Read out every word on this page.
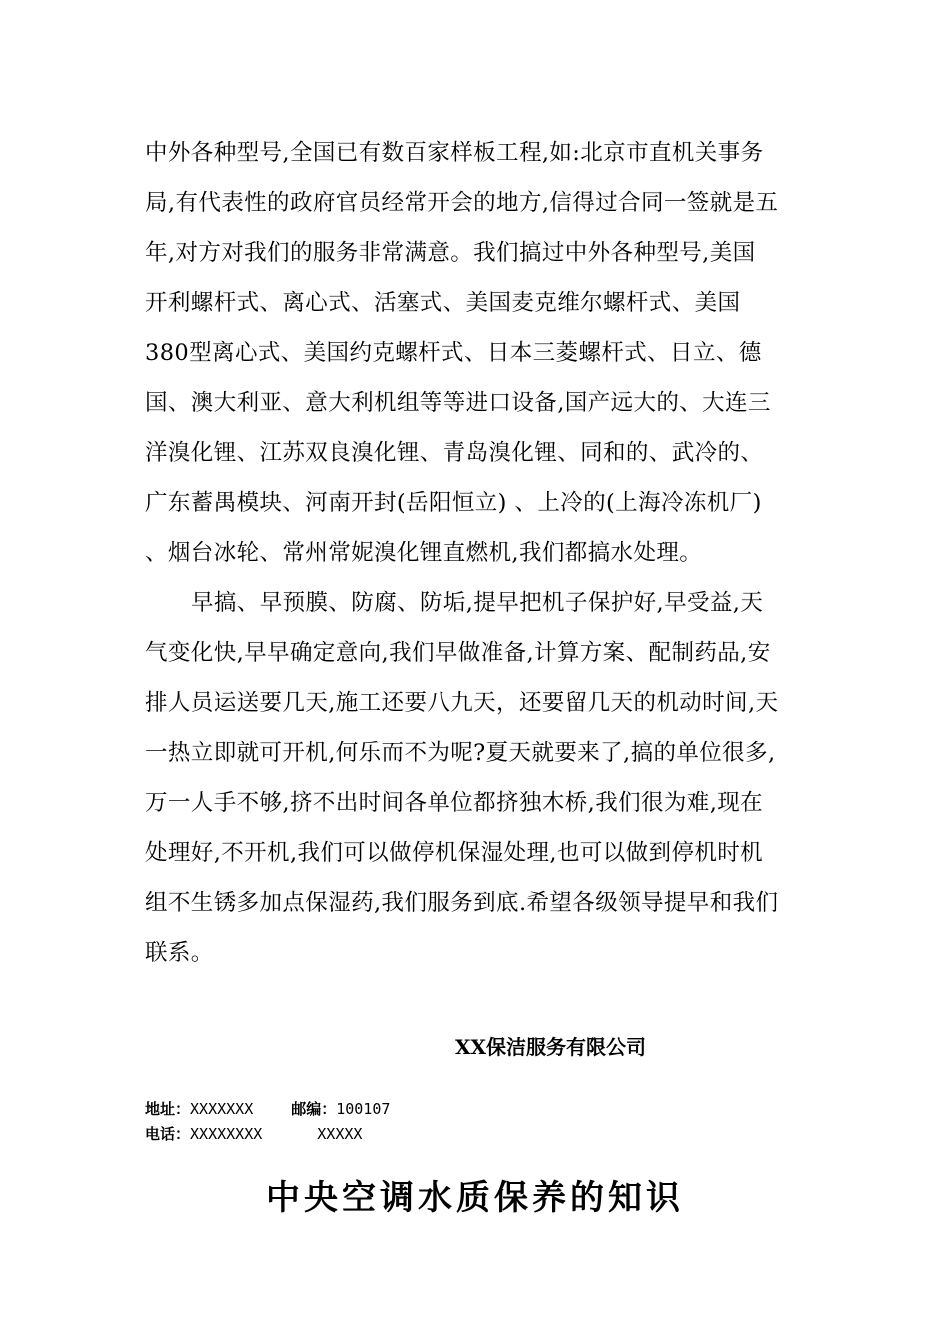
中外各种型号,全国已有数百家样板工程,如:北京市直机关事务
局,有代表性的政府官员经常开会的地方,信得过合同一签就是五
年,对方对我们的服务非常满意。我们搞过中外各种型号,美国
开利螺杆式、离心式、活塞式、美国麦克维尔螺杆式、美国
380型离心式、美国约克螺杆式、日本三菱螺杆式、日立、德
国、澳大利亚、意大利机组等等进口设备,国产远大的、大连三
洋溴化锂、江苏双良溴化锂、青岛溴化锂、同和的、武冷的、
广东蓄禺模块、河南开封(岳阳恒立) 、上冷的(上海冷冻机厂)
、烟台冰轮、常州常妮溴化锂直燃机,我们都搞水处理。
早搞、早预膜、防腐、防垢,提早把机子保护好,早受益,天
气变化快,早早确定意向,我们早做准备,计算方案、配制药品,安
排人员运送要几天,施工还要八九天，还要留几天的机动时间,天
一热立即就可开机,何乐而不为呢?夏天就要来了,搞的单位很多,
万一人手不够,挤不出时间各单位都挤独木桥,我们很为难,现在
处理好,不开机,我们可以做停机保湿处理,也可以做到停机时机
组不生锈多加点保湿药,我们服务到底.希望各级领导提早和我们
联系。
XX保洁服务有限公司
地址：XXXXXXX	邮编：100107
电话：XXXXXXXX	XXXXX
中央空调水质保养的知识
